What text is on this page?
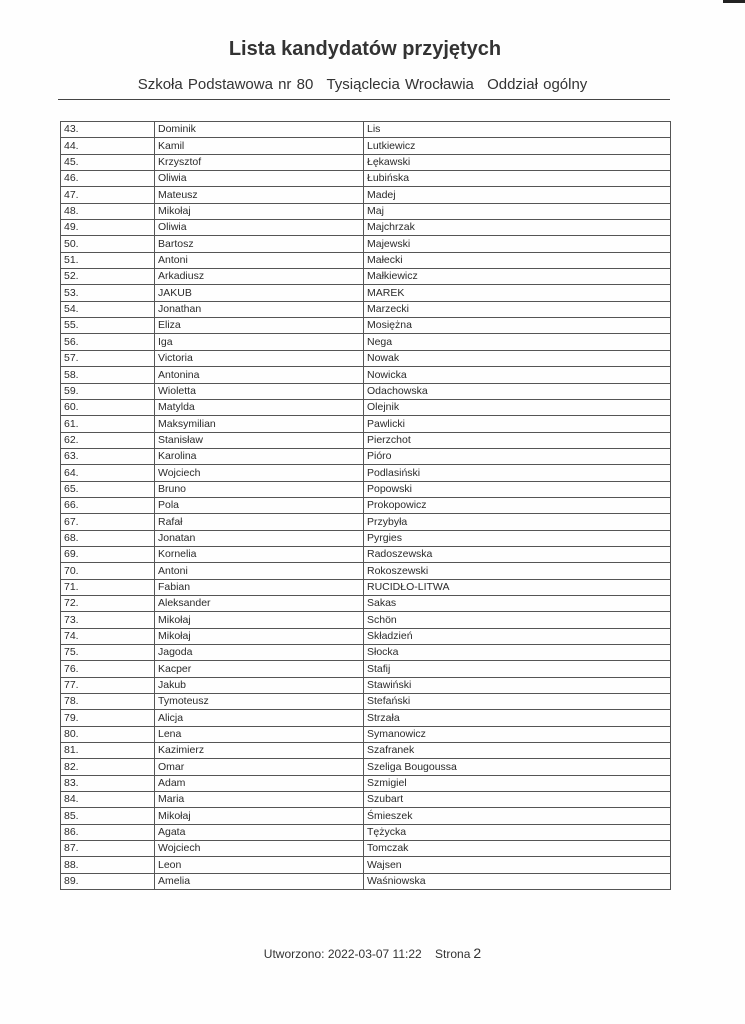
Lista kandydatów przyjętych
Szkoła Podstawowa nr 80 Tysiąclecia Wrocławia Oddział ogólny
43.	Dominik	Lis
44.	Kamil	Lutkiewicz
45.	Krzysztof	Łękawski
46.	Oliwia	Łubińska
47.	Mateusz	Madej
48.	Mikołaj	Maj
49.	Oliwia	Majchrzak
50.	Bartosz	Majewski
51.	Antoni	Małecki
52.	Arkadiusz	Małkiewicz
53.	JAKUB	MAREK
54.	Jonathan	Marzecki
55.	Eliza	Mosiężna
56.	Iga	Nega
57.	Victoria	Nowak
58.	Antonina	Nowicka
59.	Wioletta	Odachowska
60.	Matylda	Olejnik
61.	Maksymilian	Pawlicki
62.	Stanisław	Pierzchot
63.	Karolina	Pióro
64.	Wojciech	Podlasiński
65.	Bruno	Popowski
66.	Pola	Prokopowicz
67.	Rafał	Przybyła
68.	Jonatan	Pyrgies
69.	Kornelia	Radoszewska
70.	Antoni	Rokoszewski
71.	Fabian	RUCIDŁO-LITWA
72.	Aleksander	Sakas
73.	Mikołaj	Schön
74.	Mikołaj	Składzień
75.	Jagoda	Słocka
76.	Kacper	Stafij
77.	Jakub	Stawiński
78.	Tymoteusz	Stefański
79.	Alicja	Strzała
80.	Lena	Symanowicz
81.	Kazimierz	Szafranek
82.	Omar	Szeliga Bougoussa
83.	Adam	Szmigiel
84.	Maria	Szubart
85.	Mikołaj	Śmieszek
86.	Agata	Tężycka
87.	Wojciech	Tomczak
88.	Leon	Wajsen
89.	Amelia	Waśniowska
Utworzono: 2022-03-07 11:22 Strona 2
